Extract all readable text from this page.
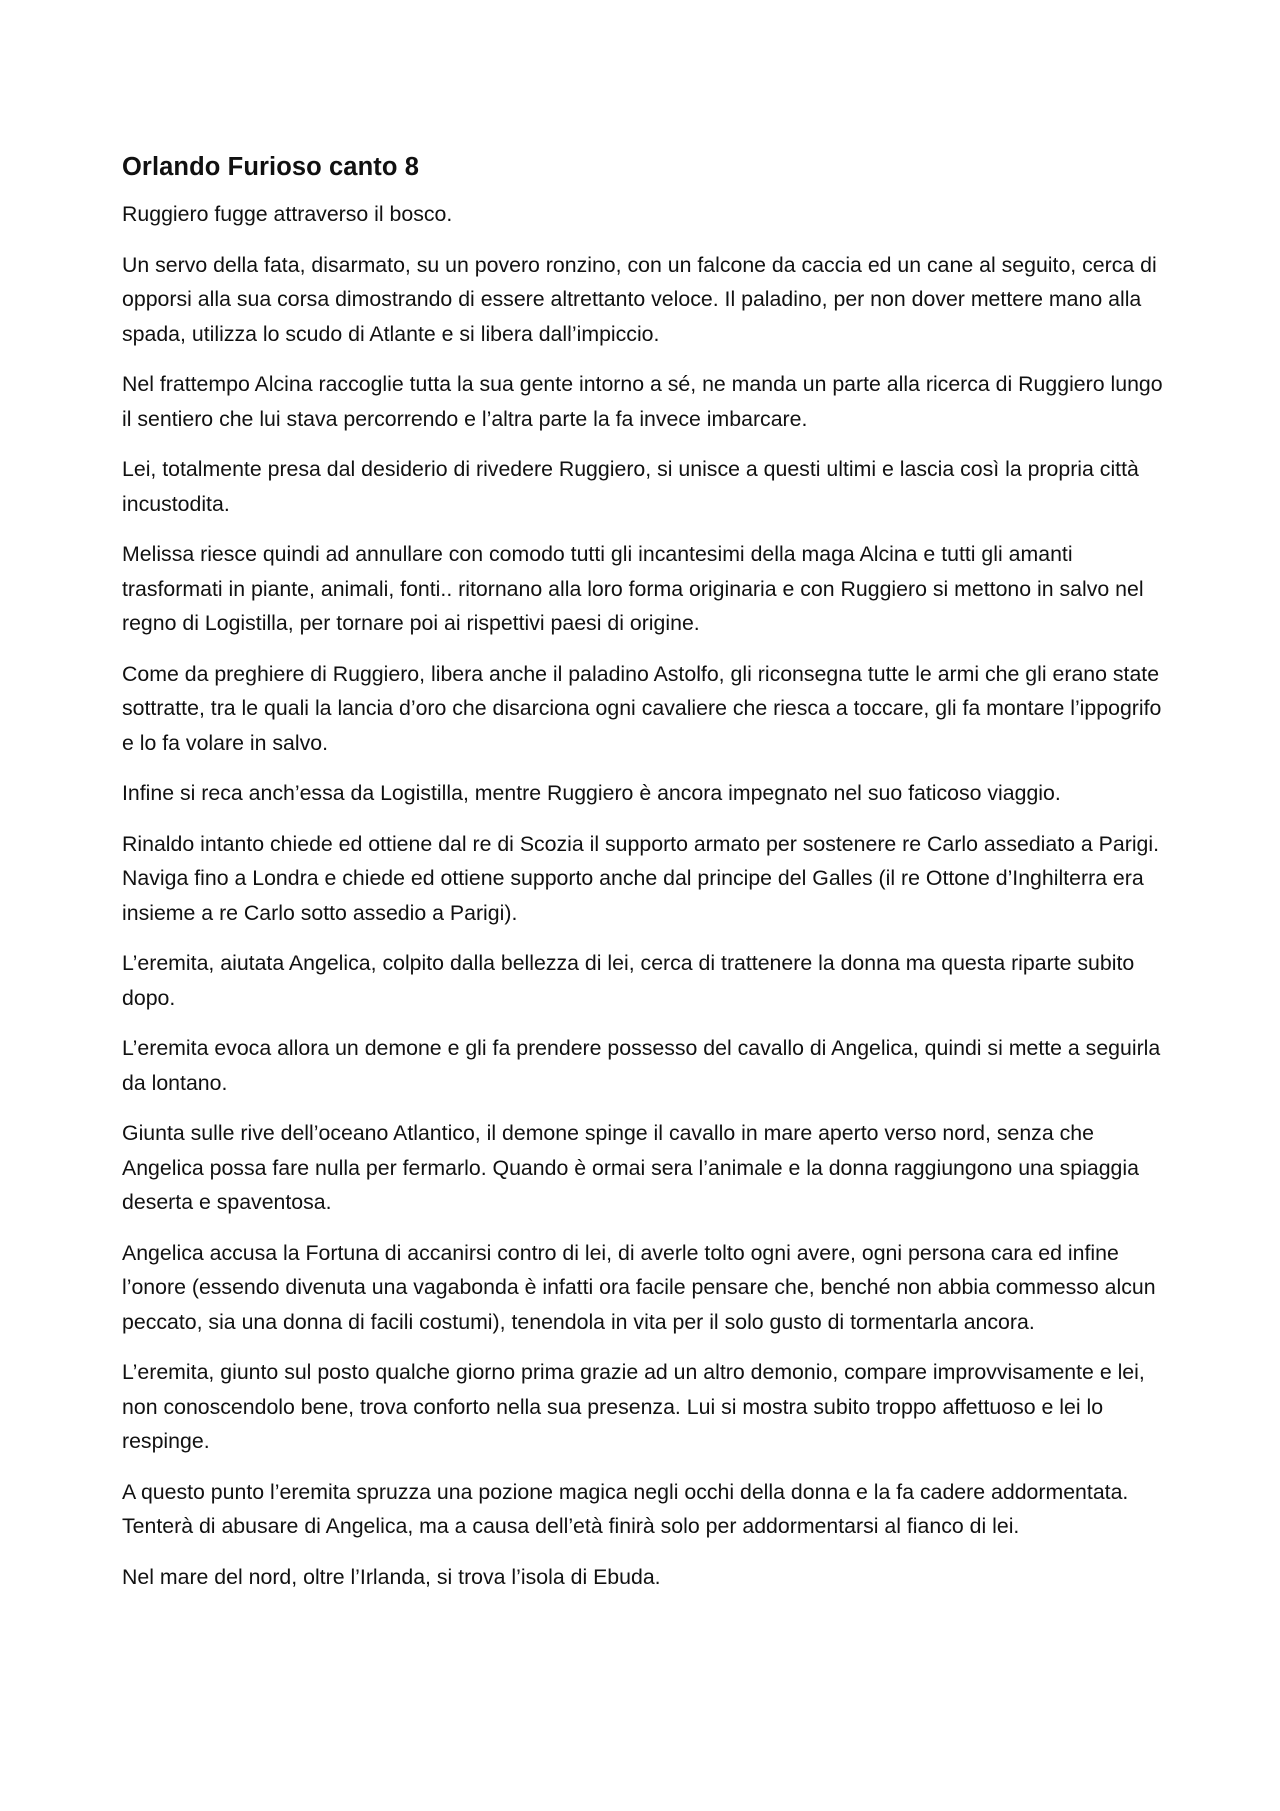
Orlando Furioso canto 8

Ruggiero fugge attraverso il bosco.

Un servo della fata, disarmato, su un povero ronzino, con un falcone da caccia ed un cane al seguito, cerca di opporsi alla sua corsa dimostrando di essere altrettanto veloce. Il paladino, per non dover mettere mano alla spada, utilizza lo scudo di Atlante e si libera dall’impiccio.

Nel frattempo Alcina raccoglie tutta la sua gente intorno a sé, ne manda un parte alla ricerca di Ruggiero lungo il sentiero che lui stava percorrendo e l’altra parte la fa invece imbarcare.

Lei, totalmente presa dal desiderio di rivedere Ruggiero, si unisce a questi ultimi e lascia così la propria città incustodita.

Melissa riesce quindi ad annullare con comodo tutti gli incantesimi della maga Alcina e tutti gli amanti trasformati in piante, animali, fonti.. ritornano alla loro forma originaria e con Ruggiero si mettono in salvo nel regno di Logistilla, per tornare poi ai rispettivi paesi di origine.

Come da preghiere di Ruggiero, libera anche il paladino Astolfo, gli riconsegna tutte le armi che gli erano state sottratte, tra le quali la lancia d’oro che disarciona ogni cavaliere che riesca a toccare, gli fa montare l’ippogrifo e lo fa volare in salvo.

Infine si reca anch’essa da Logistilla, mentre Ruggiero è ancora impegnato nel suo faticoso viaggio.

Rinaldo intanto chiede ed ottiene dal re di Scozia il supporto armato per sostenere re Carlo assediato a Parigi. Naviga fino a Londra e chiede ed ottiene supporto anche dal principe del Galles (il re Ottone d’Inghilterra era insieme a re Carlo sotto assedio a Parigi).

L’eremita, aiutata Angelica, colpito dalla bellezza di lei, cerca di trattenere la donna ma questa riparte subito dopo.

L’eremita evoca allora un demone e gli fa prendere possesso del cavallo di Angelica, quindi si mette a seguirla da lontano.

Giunta sulle rive dell’oceano Atlantico, il demone spinge il cavallo in mare aperto verso nord, senza che Angelica possa fare nulla per fermarlo. Quando è ormai sera l’animale e la donna raggiungono una spiaggia deserta e spaventosa.

Angelica accusa la Fortuna di accanirsi contro di lei, di averle tolto ogni avere, ogni persona cara ed infine l’onore (essendo divenuta una vagabonda è infatti ora facile pensare che, benché non abbia commesso alcun peccato, sia una donna di facili costumi), tenendola in vita per il solo gusto di tormentarla ancora.

L’eremita, giunto sul posto qualche giorno prima grazie ad un altro demonio, compare improvvisamente e lei, non conoscendolo bene, trova conforto nella sua presenza. Lui si mostra subito troppo affettuoso e lei lo respinge.

A questo punto l’eremita spruzza una pozione magica negli occhi della donna e la fa cadere addormentata. Tenterà di abusare di Angelica, ma a causa dell’età finirà solo per addormentarsi al fianco di lei.

Nel mare del nord, oltre l’Irlanda, si trova l’isola di Ebuda.
